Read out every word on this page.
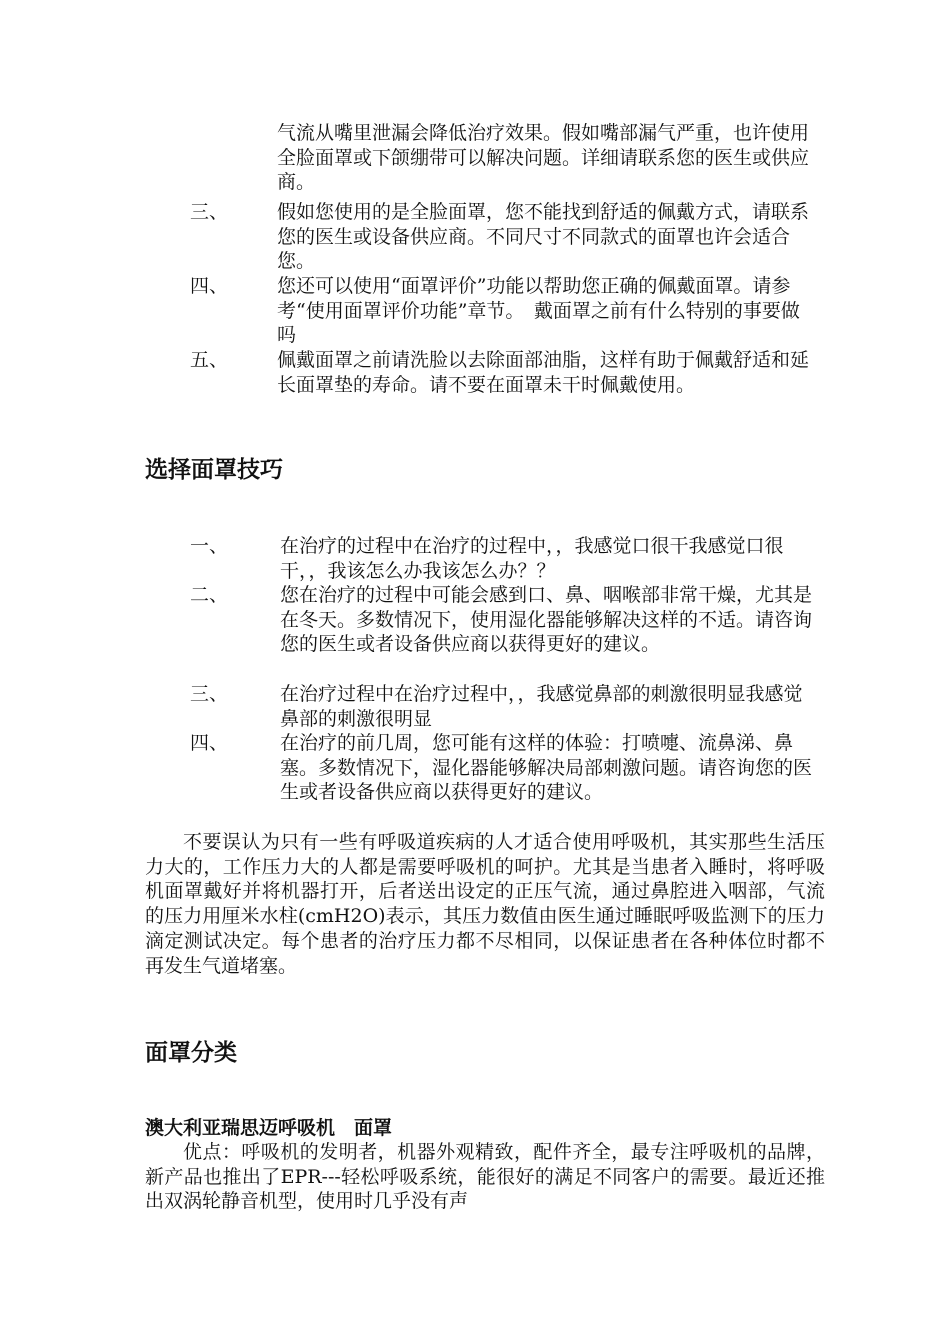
气流从嘴里泄漏会降低治疗效果。假如嘴部漏气严重，也许使用全脸面罩或下颌绷带可以解决问题。详细请联系您的医生或供应商。
三、	假如您使用的是全脸面罩，您不能找到舒适的佩戴方式，请联系您的医生或设备供应商。不同尺寸不同款式的面罩也许会适合您。
四、	您还可以使用“面罩评价”功能以帮助您正确的佩戴面罩。请参考“使用面罩评价功能”章节。　戴面罩之前有什么特别的事要做吗
五、	佩戴面罩之前请洗脸以去除面部油脂，这样有助于佩戴舒适和延长面罩垫的寿命。请不要在面罩未干时佩戴使用。
选择面罩技巧
一、	在治疗的过程中在治疗的过程中，，我感觉口很干我感觉口很干，，我该怎么办我该怎么办？？
二、	您在治疗的过程中可能会感到口、鼻、咽喉部非常干燥，尤其是在冬天。多数情况下，使用湿化器能够解决这样的不适。请咨询您的医生或者设备供应商以获得更好的建议。
三、	在治疗过程中在治疗过程中，，我感觉鼻部的刺激很明显我感觉鼻部的刺激很明显
四、	在治疗的前几周，您可能有这样的体验：打喷嚏、流鼻涕、鼻塞。多数情况下，湿化器能够解决局部刺激问题。请咨询您的医生或者设备供应商以获得更好的建议。
不要误认为只有一些有呼吸道疾病的人才适合使用呼吸机，其实那些生活压力大的，工作压力大的人都是需要呼吸机的呵护。尤其是当患者入睡时，将呼吸机面罩戴好并将机器打开，后者送出设定的正压气流，通过鼻腔进入咽部，气流的压力用厘米水柱(cmH2O)表示，其压力数值由医生通过睡眠呼吸监测下的压力滴定测试决定。每个患者的治疗压力都不尽相同，以保证患者在各种体位时都不再发生气道堵塞。
面罩分类
澳大利亚瑞思迈呼吸机　面罩
优点：呼吸机的发明者，机器外观精致，配件齐全，最专注呼吸机的品牌，新产品也推出了EPR---轻松呼吸系统，能很好的满足不同客户的需要。最近还推出双涡轮静音机型，使用时几乎没有声
